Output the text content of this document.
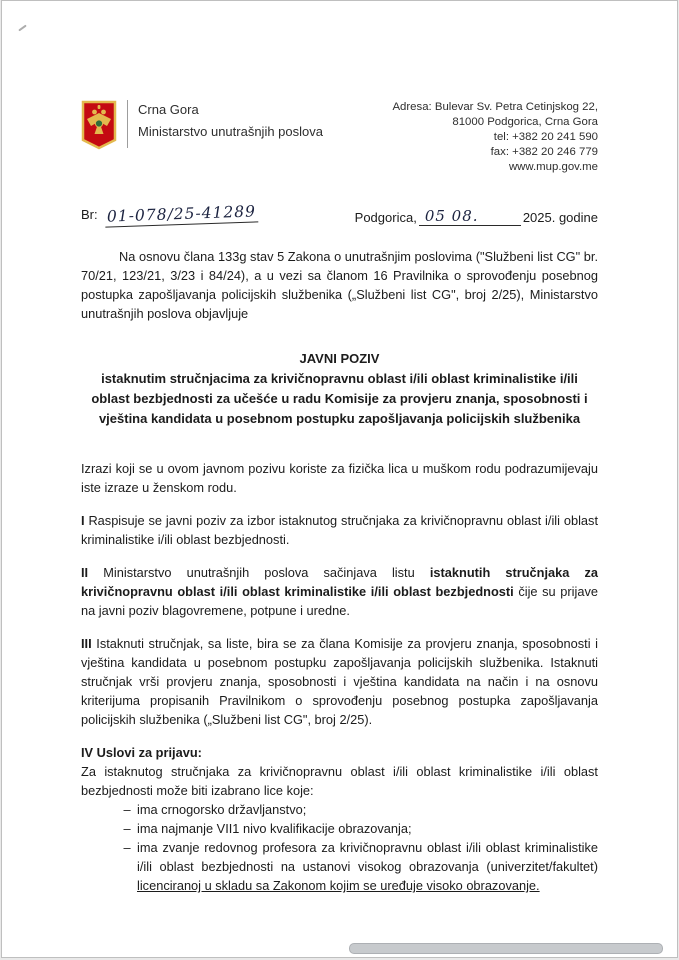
Crna Gora
Ministarstvo unutrašnjih poslova
Adresa: Bulevar Sv. Petra Cetinjskog 22,
81000 Podgorica, Crna Gora
tel: +382 20 241 590
fax: +382 20 246 779
www.mup.gov.me
Br: 01-078/25-41289	Podgorica, 05 08.	2025. godine

Na osnovu člana 133g stav 5 Zakona o unutrašnjim poslovima ("Službeni list CG" br. 70/21, 123/21, 3/23 i 84/24), a u vezi sa članom 16 Pravilnika o sprovođenju posebnog postupka zapošljavanja policijskih službenika („Službeni list CG", broj 2/25), Ministarstvo unutrašnjih poslova objavljuje

JAVNI POZIV
istaknutim stručnjacima za krivičnopravnu oblast i/ili oblast kriminalistike i/ili oblast bezbjednosti za učešće u radu Komisije za provjeru znanja, sposobnosti i vještina kandidata u posebnom postupku zapošljavanja policijskih službenika

Izrazi koji se u ovom javnom pozivu koriste za fizička lica u muškom rodu podrazumijevaju iste izraze u ženskom rodu.

I Raspisuje se javni poziv za izbor istaknutog stručnjaka za krivičnopravnu oblast i/ili oblast kriminalistike i/ili oblast bezbjednosti.

II Ministarstvo unutrašnjih poslova sačinjava listu istaknutih stručnjaka za krivičnopravnu oblast i/ili oblast kriminalistike i/ili oblast bezbjednosti čije su prijave na javni poziv blagovremene, potpune i uredne.

III Istaknuti stručnjak, sa liste, bira se za člana Komisije za provjeru znanja, sposobnosti i vještina kandidata u posebnom postupku zapošljavanja policijskih službenika. Istaknuti stručnjak vrši provjeru znanja, sposobnosti i vještina kandidata na način i na osnovu kriterijuma propisanih Pravilnikom o sprovođenju posebnog postupka zapošljavanja policijskih službenika („Službeni list CG", broj 2/25).

IV Uslovi za prijavu:

Za istaknutog stručnjaka za krivičnopravnu oblast i/ili oblast kriminalistike i/ili oblast bezbjednosti može biti izabrano lice koje:

– ima crnogorsko državljanstvo;
– ima najmanje VII1 nivo kvalifikacije obrazovanja;
– ima zvanje redovnog profesora za krivičnopravnu oblast i/ili oblast kriminalistike i/ili oblast bezbjednosti na ustanovi visokog obrazovanja (univerzitet/fakultet) licenciranoj u skladu sa Zakonom kojim se uređuje visoko obrazovanje.
